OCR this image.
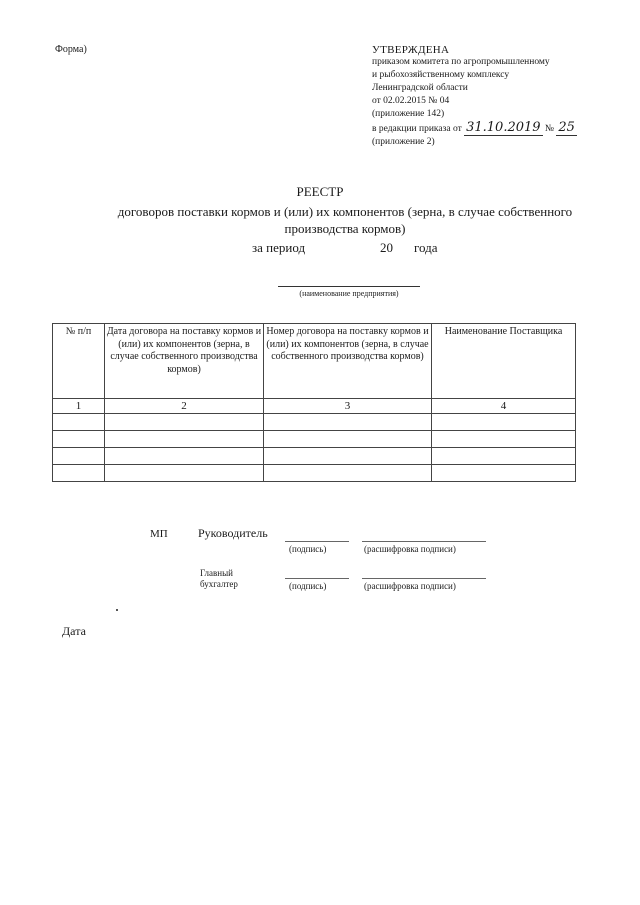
Форма)	УТВЕРЖДЕНА
приказом комитета по агропромышленному
и рыбохозяйственному комплексу
Ленинградской области
от 02.02.2015 № 04
(приложение 142)
в редакции приказа от 31.10.2019 № 25
(приложение 2)
РЕЕСТР
договоров поставки кормов и (или) их компонентов (зерна, в случае собственного производства кормов)
за период	20 года
(наименование предприятия)
№ п/п	Дата договора на поставку кормов и (или) их компонентов (зерна, в случае собственного производства кормов)	Номер договора на поставку кормов и (или) их компонентов (зерна, в случае собственного производства кормов)	Наименование Поставщика
1	2	3	4

МП	Руководитель
(подпись)	(расшифровка подписи)
Главный бухгалтер	(подпись)	(расшифровка подписи)
Дата
